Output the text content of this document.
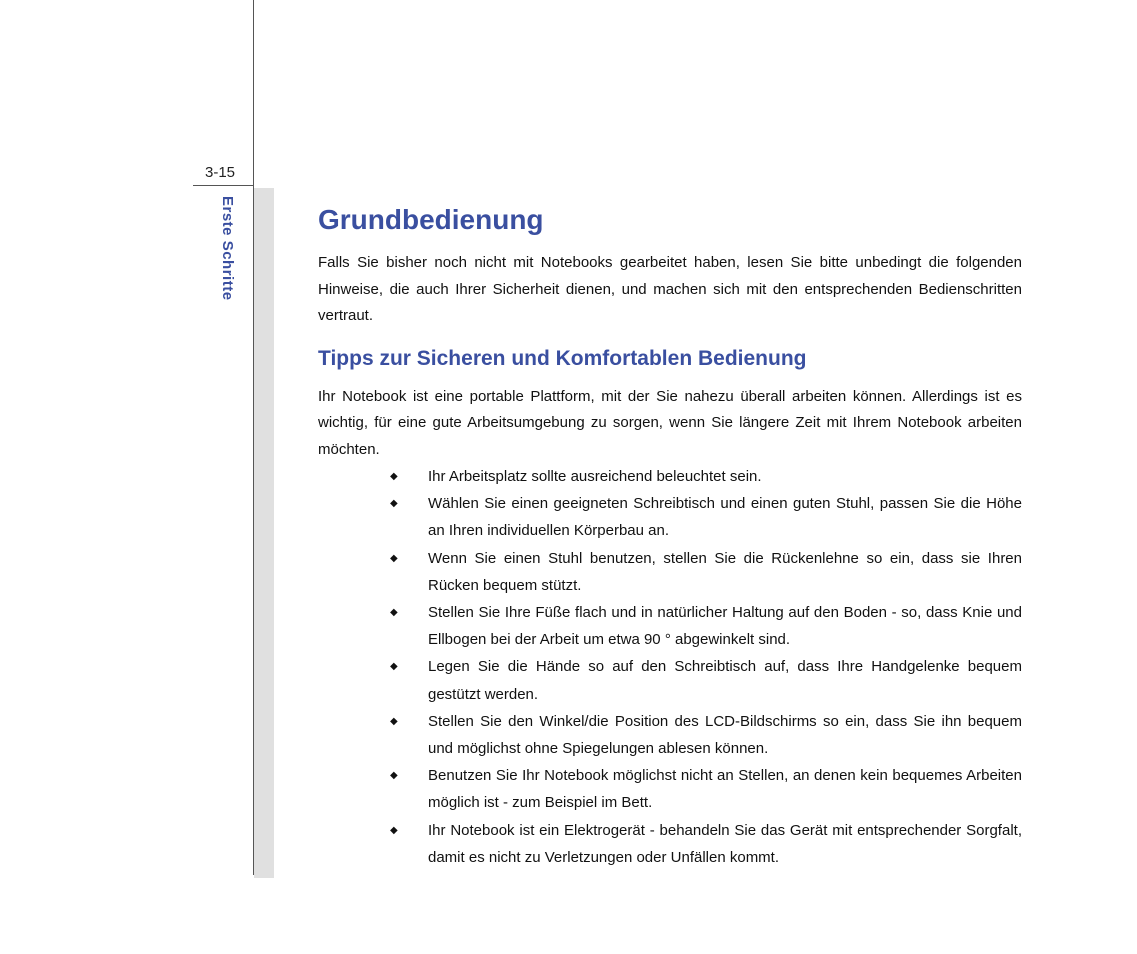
3-15
Erste Schritte	Grundbedienung

Falls Sie bisher noch nicht mit Notebooks gearbeitet haben, lesen Sie bitte unbedingt die folgenden Hinweise, die auch Ihrer Sicherheit dienen, und machen sich mit den entsprechenden Bedienschritten vertraut.

Tipps zur Sicheren und Komfortablen Bedienung

Ihr Notebook ist eine portable Plattform, mit der Sie nahezu überall arbeiten können. Allerdings ist es wichtig, für eine gute Arbeitsumgebung zu sorgen, wenn Sie längere Zeit mit Ihrem Notebook arbeiten möchten.

◆ Ihr Arbeitsplatz sollte ausreichend beleuchtet sein.
◆ Wählen Sie einen geeigneten Schreibtisch und einen guten Stuhl, passen Sie die Höhe an Ihren individuellen Körperbau an.
◆ Wenn Sie einen Stuhl benutzen, stellen Sie die Rückenlehne so ein, dass sie Ihren Rücken bequem stützt.
◆ Stellen Sie Ihre Füße flach und in natürlicher Haltung auf den Boden - so, dass Knie und Ellbogen bei der Arbeit um etwa 90 ° abgewinkelt sind.
◆ Legen Sie die Hände so auf den Schreibtisch auf, dass Ihre Handgelenke bequem gestützt werden.
◆ Stellen Sie den Winkel/die Position des LCD-Bildschirms so ein, dass Sie ihn bequem und möglichst ohne Spiegelungen ablesen können.
◆ Benutzen Sie Ihr Notebook möglichst nicht an Stellen, an denen kein bequemes Arbeiten möglich ist - zum Beispiel im Bett.
◆ Ihr Notebook ist ein Elektrogerät - behandeln Sie das Gerät mit entsprechender Sorgfalt, damit es nicht zu Verletzungen oder Unfällen kommt.
